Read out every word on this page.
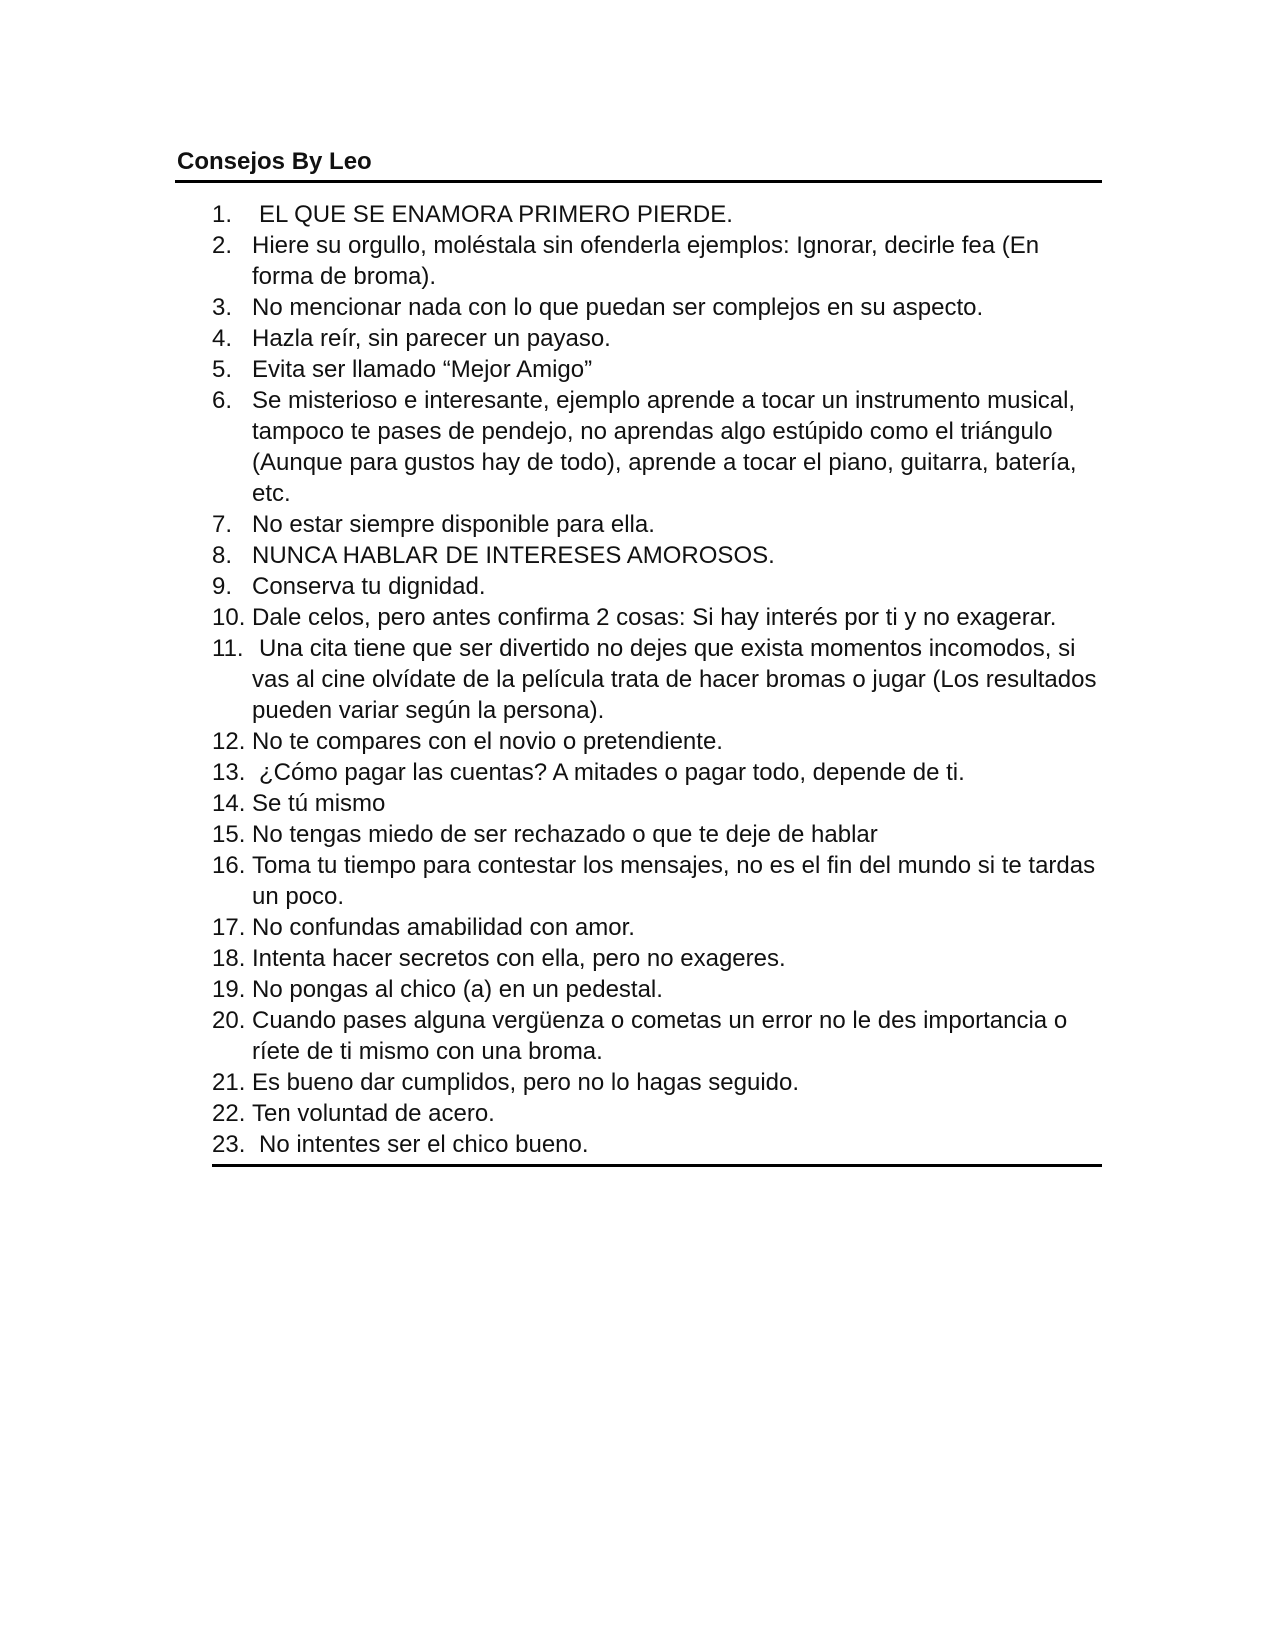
Consejos By Leo
1.	EL QUE SE ENAMORA PRIMERO PIERDE.
2. Hiere su orgullo, moléstala sin ofenderla ejemplos: Ignorar, decirle fea (En forma de broma).
3. No mencionar nada con lo que puedan ser complejos en su aspecto.
4. Hazla reír, sin parecer un payaso.
5. Evita ser llamado “Mejor Amigo”
6. Se misterioso e interesante, ejemplo aprende a tocar un instrumento musical, tampoco te pases de pendejo, no aprendas algo estúpido como el triángulo (Aunque para gustos hay de todo), aprende a tocar el piano, guitarra, batería, etc.
7. No estar siempre disponible para ella.
8. NUNCA HABLAR DE INTERESES AMOROSOS.
9. Conserva tu dignidad.
10. Dale celos, pero antes confirma 2 cosas: Si hay interés por ti y no exagerar.
11. Una cita tiene que ser divertido no dejes que exista momentos incomodos, si vas al cine olvídate de la película trata de hacer bromas o jugar (Los resultados pueden variar según la persona).
12. No te compares con el novio o pretendiente.
13. ¿Cómo pagar las cuentas? A mitades o pagar todo, depende de ti.
14. Se tú mismo
15. No tengas miedo de ser rechazado o que te deje de hablar
16. Toma tu tiempo para contestar los mensajes, no es el fin del mundo si te tardas un poco.
17. No confundas amabilidad con amor.
18. Intenta hacer secretos con ella, pero no exageres.
19. No pongas al chico (a) en un pedestal.
20. Cuando pases alguna vergüenza o cometas un error no le des importancia o ríete de ti mismo con una broma.
21. Es bueno dar cumplidos, pero no lo hagas seguido.
22. Ten voluntad de acero.
23. No intentes ser el chico bueno.
